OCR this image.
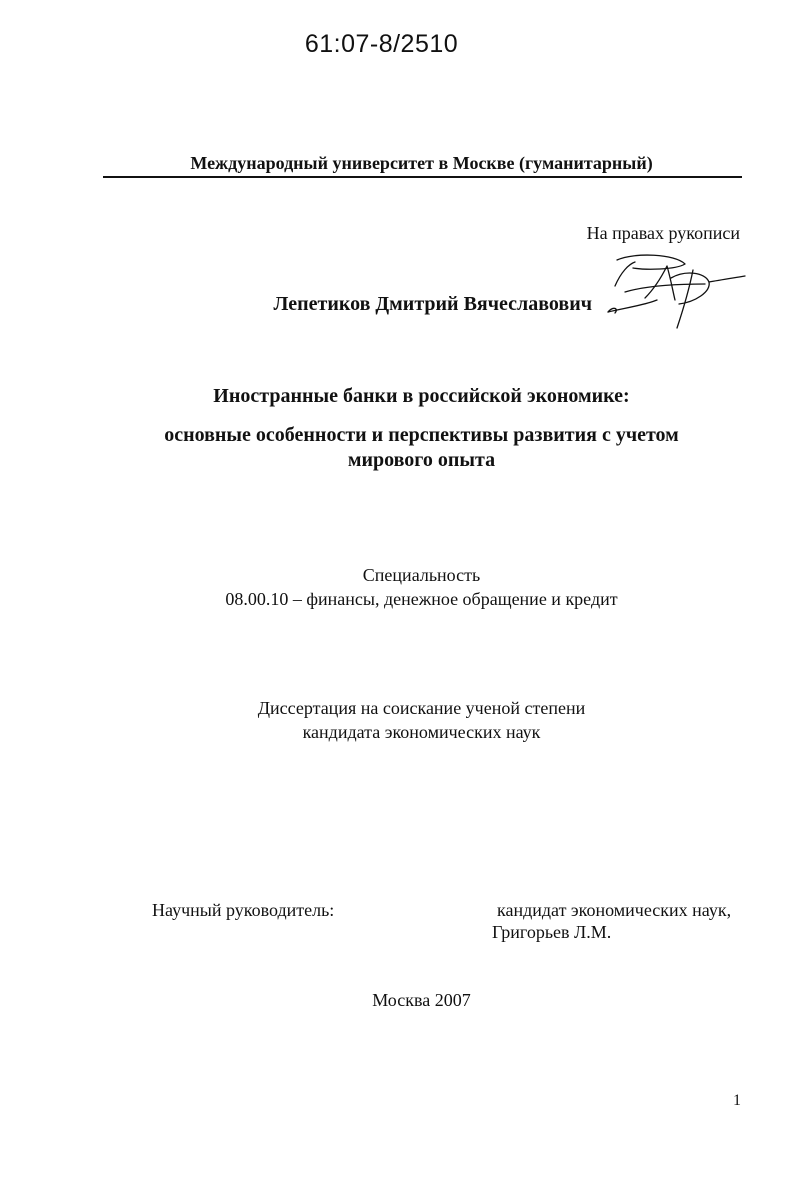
61:07-8/2510
Международный университет в Москве (гуманитарный)
На правах рукописи
Лепетиков Дмитрий Вячеславович
Иностранные банки в российской экономике:
основные особенности и перспективы развития с учетом
мирового опыта
Специальность
08.00.10 – финансы, денежное обращение и кредит
Диссертация на соискание ученой степени
кандидата экономических наук
Научный руководитель:	кандидат экономических наук,
Григорьев Л.М.
Москва 2007
1
